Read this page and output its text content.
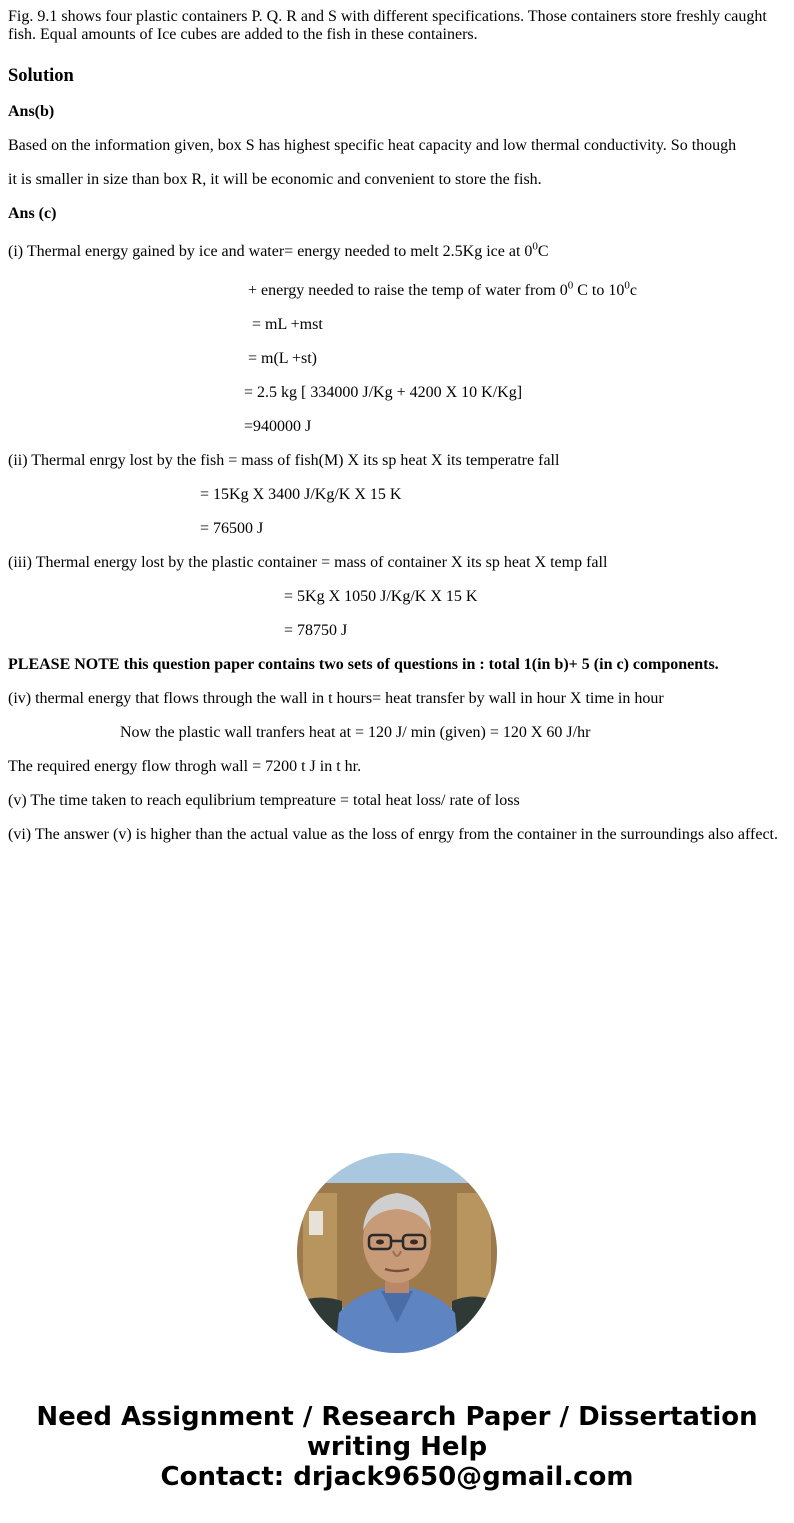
Fig. 9.1 shows four plastic containers P. Q. R and S with different specifications. Those containers store freshly caught fish. Equal amounts of Ice cubes are added to the fish in these containers.

Solution

Ans(b)

Based on the information given, box S has highest specific heat capacity and low thermal conductivity. So though

it is smaller in size than box R, it will be economic and convenient to store the fish.

Ans (c)

(i) Thermal energy gained by ice and water= energy needed to melt 2.5Kg ice at $0^0C$

+ energy needed to raise the temp of water from $0^0$ C to $10^0c$

= mL +mst

= m(L +st)

= 2.5 kg [ 334000 J/Kg + 4200 X 10 K/Kg]

=940000 J

(ii) Thermal enrgy lost by the fish = mass of fish(M) X its sp heat X its temperatre fall

= 15Kg X 3400 J/Kg/K X 15 K

= 76500 J

(iii) Thermal energy lost by the plastic container = mass of container X its sp heat X temp fall

= 5Kg X 1050 J/Kg/K X 15 K

= 78750 J

PLEASE NOTE this question paper contains two sets of questions in : total 1(in b)+ 5 (in c) components.

(iv) thermal energy that flows through the wall in t hours= heat transfer by wall in hour X time in hour

Now the plastic wall tranfers heat at = 120 J/ min (given) = 120 X 60 J/hr

The required energy flow throgh wall = 7200 t J in t hr.

(v) The time taken to reach equlibrium tempreature = total heat loss/ rate of loss

(vi) The answer (v) is higher than the actual value as the loss of enrgy from the container in the surroundings also affect.

Need Assignment / Research Paper / Dissertation
writing Help
Contact: drjack9650@gmail.com
